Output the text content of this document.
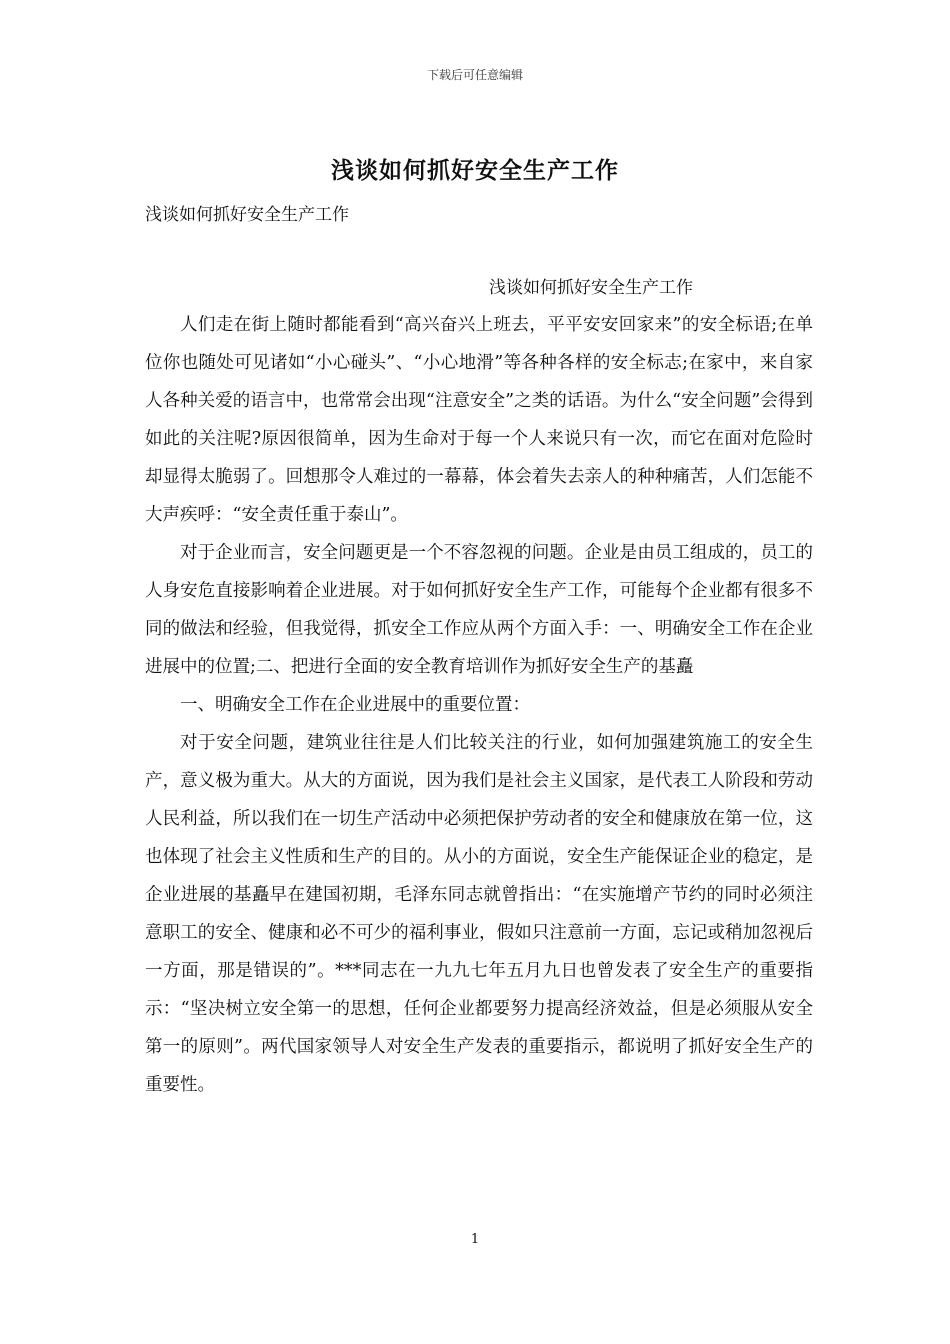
下载后可任意编辑
浅谈如何抓好安全生产工作

浅谈如何抓好安全生产工作

浅谈如何抓好安全生产工作

人们走在街上随时都能看到“高兴奋兴上班去，平平安安回家来”的安全标语;在单位你也随处可见诸如“小心碰头”、“小心地滑”等各种各样的安全标志;在家中，来自家人各种关爱的语言中，也常常会出现“注意安全”之类的话语。为什么“安全问题”会得到如此的关注呢?原因很简单，因为生命对于每一个人来说只有一次，而它在面对危险时却显得太脆弱了。回想那令人难过的一幕幕，体会着失去亲人的种种痛苦，人们怎能不大声疾呼：“安全责任重于泰山”。

对于企业而言，安全问题更是一个不容忽视的问题。企业是由员工组成的，员工的人身安危直接影响着企业进展。对于如何抓好安全生产工作，可能每个企业都有很多不同的做法和经验，但我觉得，抓安全工作应从两个方面入手：一、明确安全工作在企业进展中的位置;二、把进行全面的安全教育培训作为抓好安全生产的基矗

一、明确安全工作在企业进展中的重要位置：

对于安全问题，建筑业往往是人们比较关注的行业，如何加强建筑施工的安全生产，意义极为重大。从大的方面说，因为我们是社会主义国家，是代表工人阶段和劳动人民利益，所以我们在一切生产活动中必须把保护劳动者的安全和健康放在第一位，这也体现了社会主义性质和生产的目的。从小的方面说，安全生产能保证企业的稳定，是企业进展的基矗早在建国初期，毛泽东同志就曾指出：“在实施增产节约的同时必须注意职工的安全、健康和必不可少的福利事业，假如只注意前一方面，忘记或稍加忽视后一方面，那是错误的”。***同志在一九九七年五月九日也曾发表了安全生产的重要指示：“坚决树立安全第一的思想，任何企业都要努力提高经济效益，但是必须服从安全第一的原则”。两代国家领导人对安全生产发表的重要指示，都说明了抓好安全生产的重要性。

1
